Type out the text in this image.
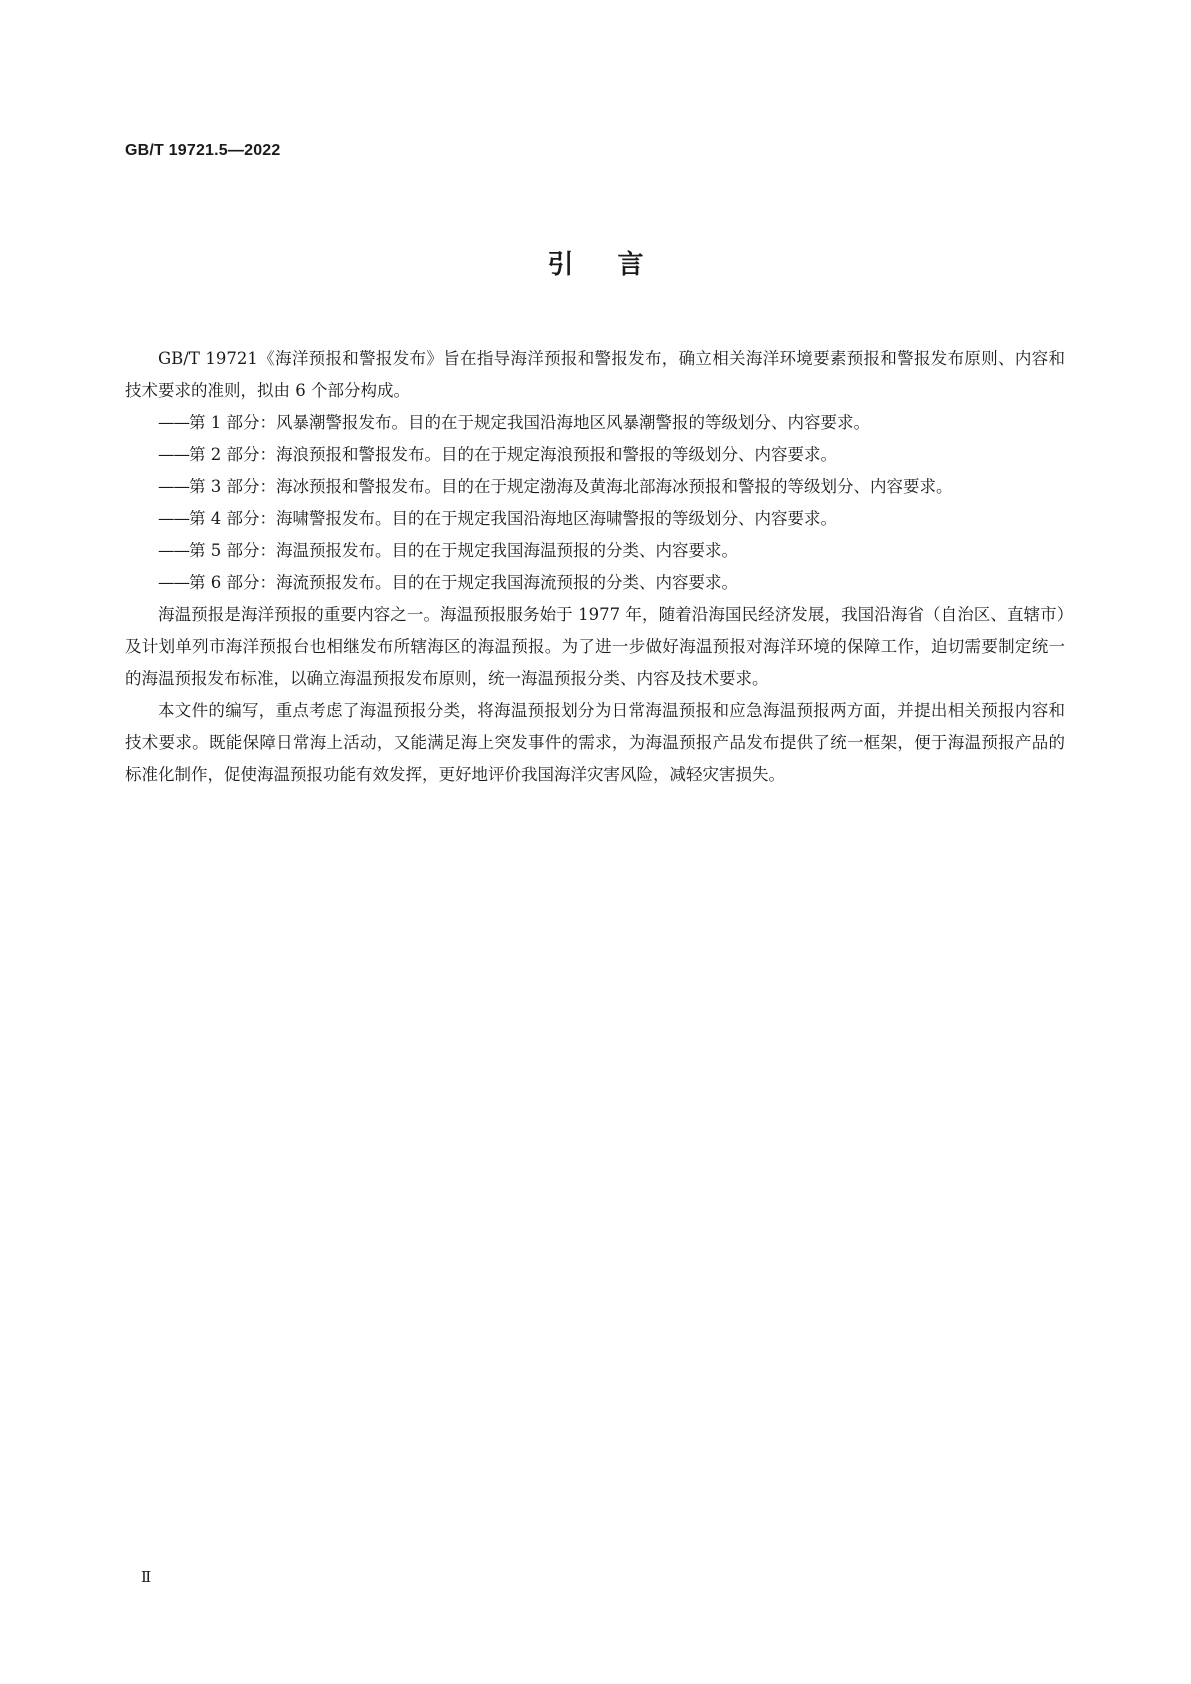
GB/T 19721.5—2022
引言

GB/T 19721《海洋预报和警报发布》旨在指导海洋预报和警报发布，确立相关海洋环境要素预报和警报发布原则、内容和技术要求的准则，拟由 6 个部分构成。

——第 1 部分：风暴潮警报发布。目的在于规定我国沿海地区风暴潮警报的等级划分、内容要求。
——第 2 部分：海浪预报和警报发布。目的在于规定海浪预报和警报的等级划分、内容要求。
——第 3 部分：海冰预报和警报发布。目的在于规定渤海及黄海北部海冰预报和警报的等级划分、内容要求。
——第 4 部分：海啸警报发布。目的在于规定我国沿海地区海啸警报的等级划分、内容要求。
——第 5 部分：海温预报发布。目的在于规定我国海温预报的分类、内容要求。
——第 6 部分：海流预报发布。目的在于规定我国海流预报的分类、内容要求。

海温预报是海洋预报的重要内容之一。海温预报服务始于 1977 年，随着沿海国民经济发展，我国沿海省（自治区、直辖市）及计划单列市海洋预报台也相继发布所辖海区的海温预报。为了进一步做好海温预报对海洋环境的保障工作，迫切需要制定统一的海温预报发布标准，以确立海温预报发布原则，统一海温预报分类、内容及技术要求。

本文件的编写，重点考虑了海温预报分类，将海温预报划分为日常海温预报和应急海温预报两方面，并提出相关预报内容和技术要求。既能保障日常海上活动，又能满足海上突发事件的需求，为海温预报产品发布提供了统一框架，便于海温预报产品的标准化制作，促使海温预报功能有效发挥，更好地评价我国海洋灾害风险，减轻灾害损失。

Ⅱ
